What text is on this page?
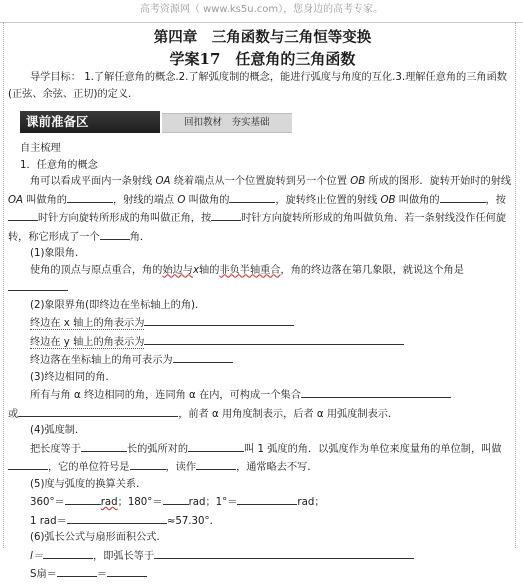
高考资源网（ www.ks5u.com），您身边的高考专家。
第四章　三角函数与三角恒等变换
学案17　任意角的三角函数

导学目标： 1.了解任意角的概念.2.了解弧度制的概念，能进行弧度与角度的互化.3.理解任意角的三角函数(正弦、余弦、正切)的定义．

课前准备区	回扣教材　夯实基础

自主梳理

1．任意角的概念

角可以看成平面内一条射线 OA 绕着端点从一个位置旋转到另一个位置 OB 所成的图形．旋转开始时的射线 OA 叫做角的	，射线的端点 O 叫做角的	，旋转终止位置的射线 OB 叫做角的	，按时针方向旋转所形成的角叫做正角，按	时针方向旋转所形成的角叫做负角．若一条射线没作任何旋转，称它形成了一个	角．

(1)象限角．

使角的顶点与原点重合，角的始边与x轴的非负半轴重合，角的终边落在第几象限，就说这个角是

(2)象限界角(即终边在坐标轴上的角)．

终边在 x 轴上的角表示为

终边在 y 轴上的角表示为

终边落在坐标轴上的角可表示为

(3)终边相同的角．

所有与角 α 终边相同的角，连同角 α 在内，可构成一个集合
或	，前者 α 用角度制表示，后者 α 用弧度制表示．

(4)弧度制．

把长度等于	长的弧所对的	叫 1 弧度的角．以弧度作为单位来度量角的单位制，叫做，它的单位符号是	，读作	，通常略去不写．

(5)度与弧度的换算关系．

360°＝	rad；180°＝	rad；1°＝	rad；

1 rad＝	≈57.30°．

(6)弧长公式与扇形面积公式．

l＝	，即弧长等于

S扇＝	＝
